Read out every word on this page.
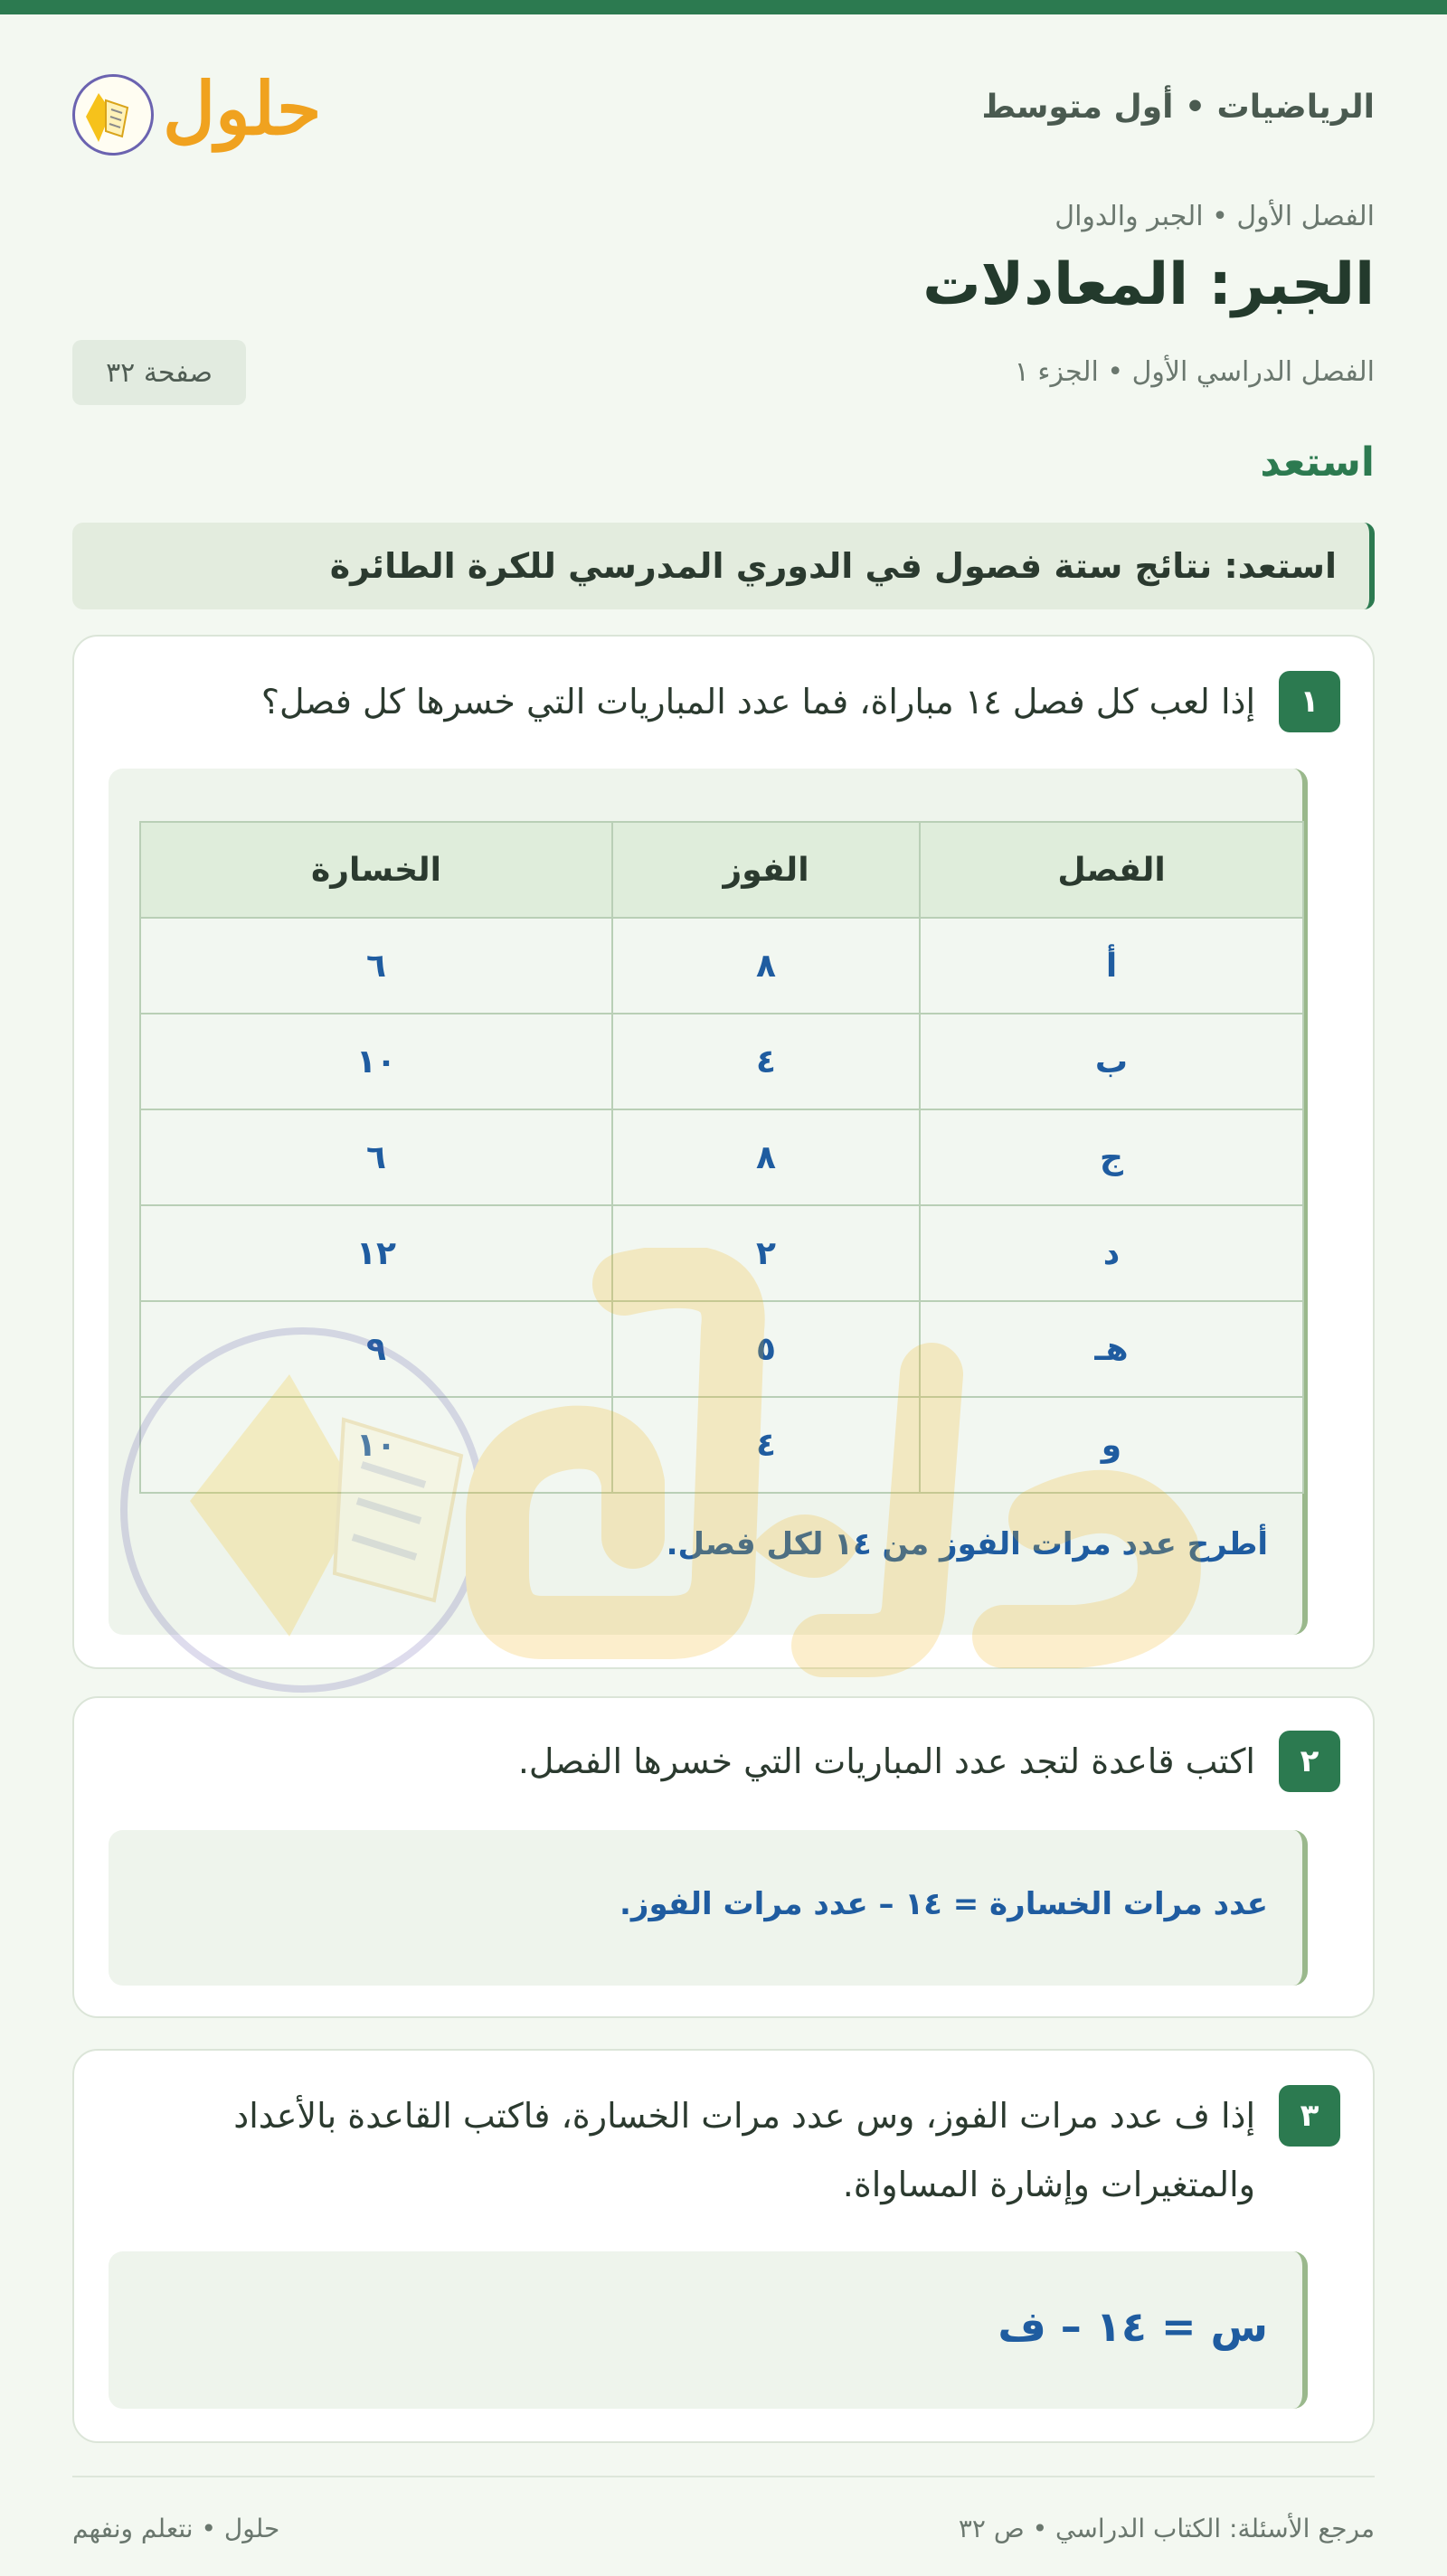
الرياضيات • أول متوسط
حلول
الفصل الأول • الجبر والدوال
الجبر: المعادلات
الفصل الدراسي الأول • الجزء ١
صفحة ٣٢
استعد
استعد: نتائج ستة فصول في الدوري المدرسي للكرة الطائرة
١
إذا لعب كل فصل ١٤ مباراة، فما عدد المباريات التي خسرها كل فصل؟
الفصل	الفوز	الخسارة
أ	٨	٦
ب	٤	١٠
ج	٨	٦
د	٢	١٢
هـ	٥	٩
و	٤	١٠
أطرح عدد مرات الفوز من ١٤ لكل فصل.
٢
اكتب قاعدة لتجد عدد المباريات التي خسرها الفصل.
عدد مرات الخسارة = ١٤ – عدد مرات الفوز.
٣
إذا ف عدد مرات الفوز، وس عدد مرات الخسارة، فاكتب القاعدة بالأعداد
والمتغيرات وإشارة المساواة.
س = ١٤ – ف
مرجع الأسئلة: الكتاب الدراسي • ص ٣٢
حلول • نتعلم ونفهم
